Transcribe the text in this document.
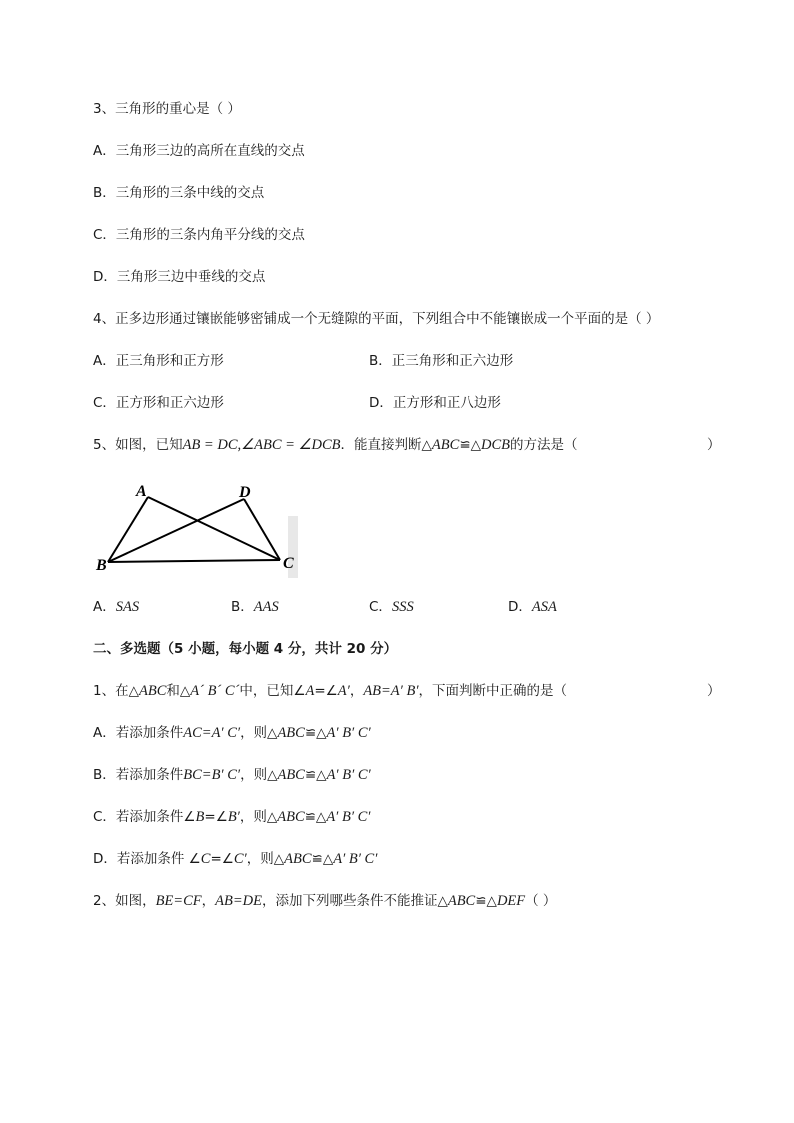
3、三角形的重心是（ ）
A．三角形三边的高所在直线的交点
B．三角形的三条中线的交点
C．三角形的三条内角平分线的交点
D．三角形三边中垂线的交点
4、正多边形通过镶嵌能够密铺成一个无缝隙的平面，下列组合中不能镶嵌成一个平面的是（ ）
A．正三角形和正方形	B．正三角形和正六边形
C．正方形和正六边形	D．正方形和正八边形
5、如图，已知AB = DC,∠ABC = ∠DCB．能直接判断△ABC≌△DCB的方法是（	）
A	D
B	C
A．SAS	B．AAS	C．SSS	D．ASA
二、多选题（5 小题，每小题 4 分，共计 20 分）
1、在△ABC和△A´ B´ C´中，已知∠A=∠A′，AB=A′ B′，下面判断中正确的是（	）
A．若添加条件AC=A′ C′，则△ABC≌△A′ B′ C′
B．若添加条件BC=B′ C′，则△ABC≌△A′ B′ C′
C．若添加条件∠B=∠B′，则△ABC≌△A′ B′ C′
D．若添加条件 ∠C=∠C′，则△ABC≌△A′ B′ C′
2、如图，BE=CF，AB=DE，添加下列哪些条件不能推证△ABC≌△DEF（ ）
